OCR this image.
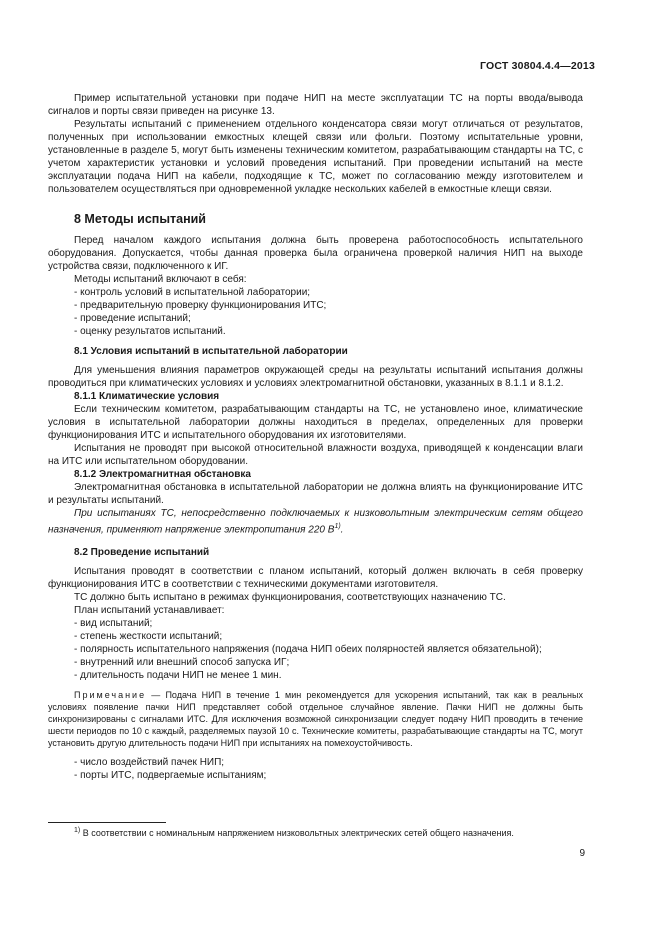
ГОСТ 30804.4.4—2013

Пример испытательной установки при подаче НИП на месте эксплуатации ТС на порты ввода/вывода сигналов и порты связи приведен на рисунке 13.

Результаты испытаний с применением отдельного конденсатора связи могут отличаться от результатов, полученных при использовании емкостных клещей связи или фольги. Поэтому испытательные уровни, установленные в разделе 5, могут быть изменены техническим комитетом, разрабатывающим стандарты на ТС, с учетом характеристик установки и условий проведения испытаний. При проведении испытаний на месте эксплуатации подача НИП на кабели, подходящие к ТС, может по согласованию между изготовителем и пользователем осуществляться при одновременной укладке нескольких кабелей в емкостные клещи связи.

8 Методы испытаний

Перед началом каждого испытания должна быть проверена работоспособность испытательного оборудования. Допускается, чтобы данная проверка была ограничена проверкой наличия НИП на выходе устройства связи, подключенного к ИГ.

Методы испытаний включают в себя:

- контроль условий в испытательной лаборатории;

- предварительную проверку функционирования ИТС;

- проведение испытаний;

- оценку результатов испытаний.

8.1 Условия испытаний в испытательной лаборатории

Для уменьшения влияния параметров окружающей среды на результаты испытаний испытания должны проводиться при климатических условиях и условиях электромагнитной обстановки, указанных в 8.1.1 и 8.1.2.

8.1.1 Климатические условия

Если техническим комитетом, разрабатывающим стандарты на ТС, не установлено иное, климатические условия в испытательной лаборатории должны находиться в пределах, определенных для проверки функционирования ИТС и испытательного оборудования их изготовителями.

Испытания не проводят при высокой относительной влажности воздуха, приводящей к конденсации влаги на ИТС или испытательном оборудовании.

8.1.2 Электромагнитная обстановка

Электромагнитная обстановка в испытательной лаборатории не должна влиять на функционирование ИТС и результаты испытаний.

При испытаниях ТС, непосредственно подключаемых к низковольтным электрическим сетям общего назначения, применяют напряжение электропитания 220 $В^{1)}$.

8.2 Проведение испытаний

Испытания проводят в соответствии с планом испытаний, который должен включать в себя проверку функционирования ИТС в соответствии с техническими документами изготовителя.

ТС должно быть испытано в режимах функционирования, соответствующих назначению ТС.

План испытаний устанавливает:

- вид испытаний;

- степень жесткости испытаний;

- полярность испытательного напряжения (подача НИП обеих полярностей является обязательной);

- внутренний или внешний способ запуска ИГ;

- длительность подачи НИП не менее 1 мин.

Примечание — Подача НИП в течение 1 мин рекомендуется для ускорения испытаний, так как в реальных условиях появление пачки НИП представляет собой отдельное случайное явление. Пачки НИП не должны быть синхронизированы с сигналами ИТС. Для исключения возможной синхронизации следует подачу НИП проводить в течение шести периодов по 10 с каждый, разделяемых паузой 10 с. Технические комитеты, разрабатывающие стандарты на ТС, могут установить другую длительность подачи НИП при испытаниях на помехоустойчивость.

- число воздействий пачек НИП;

- порты ИТС, подвергаемые испытаниям;

$^{1)}$ В соответствии с номинальным напряжением низковольтных электрических сетей общего назначения.
9
